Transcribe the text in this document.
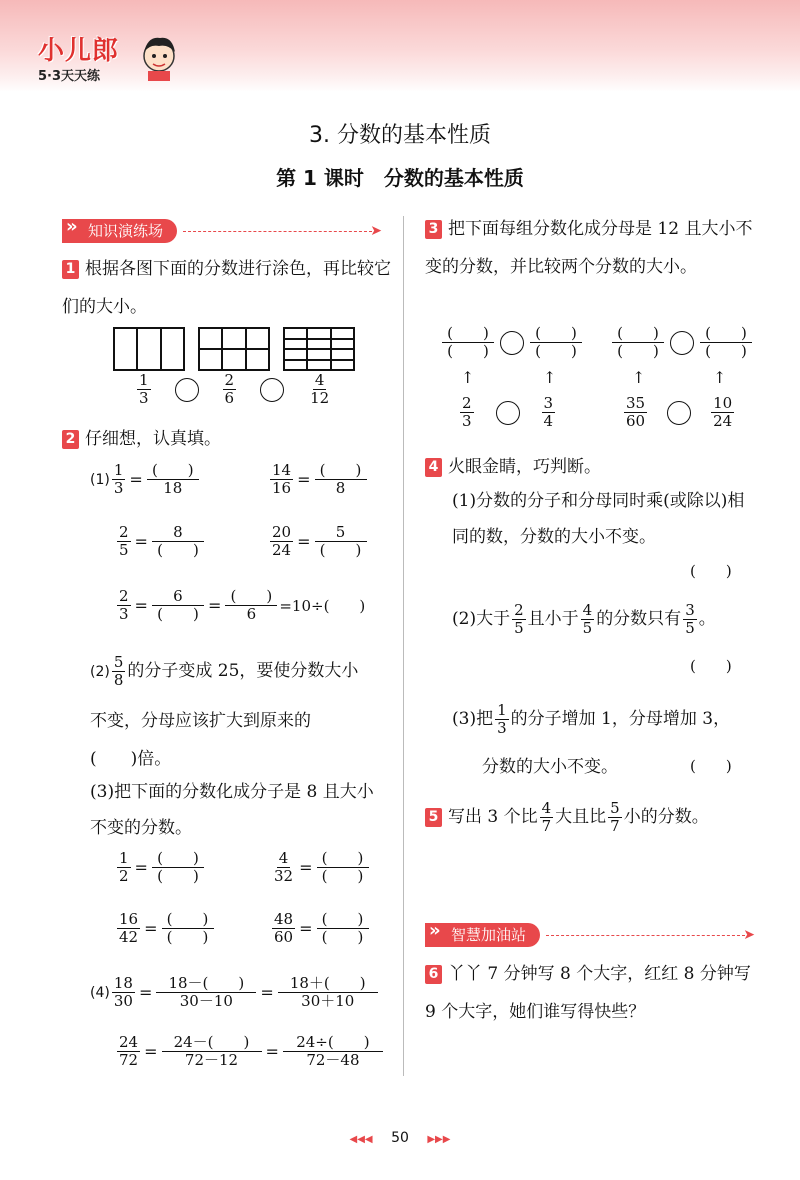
小儿郎
5·3天天练
3. 分数的基本性质
第 1 课时　分数的基本性质
» 知识演练场	➤
1 根据各图下面的分数进行涂色，再比较它们的大小。
$\frac{1}{3}$	$\frac{2}{6}$	$\frac{4}{12}$
2 仔细想，认真填。
$(1) \frac{1}{3} = \frac{( )}{18}$	$\frac{14}{16} = \frac{( )}{8}$
$\frac{2}{5} = \frac{8}{( )}$	$\frac{20}{24} = \frac{5}{( )}$
$\frac{2}{3} = \frac{6}{( )} = \frac{( )}{6} =10\div$(　　)
$(2) \frac{5}{8}$ 的分子变成 25，要使分数大小
不变，分母应该扩大到原来的
(　　)倍。
(3)把下面的分数化成分子是 8 且大小不变的分数。
$\frac{1}{2} = \frac{( )}{( )}$	$\frac{4}{32} = \frac{( )}{( )}$
$\frac{16}{42} = \frac{( )}{( )}$	$\frac{48}{60} = \frac{( )}{( )}$
$(4) \frac{18}{30} = \frac{18-( )}{30-10} = \frac{18+( )}{30+10}$
$\frac{24}{72} = \frac{24-( )}{72-12} = \frac{24\div( )}{72-48}$
3 把下面每组分数化成分母是 12 且大小不变的分数，并比较两个分数的大小。
$\frac{( )}{( )} \frac{( )}{( )} \frac{( )}{( )} \frac{( )}{( )}$
↑	↑	↑	↑
$\frac{2}{3}$	$\frac{3}{4}$	$\frac{35}{60}$	$\frac{10}{24}$
4 火眼金睛，巧判断。
(1)分数的分子和分母同时乘(或除以)相同的数，分数的大小不变。
(　　)
(2)大于 $\frac{2}{5}$ 且小于 $\frac{4}{5}$ 的分数只有 $\frac{3}{5}$ 。
(　　)
(3)把 $\frac{1}{3}$ 的分子增加 1，分母增加 3，
分数的大小不变。	(　　)
5 写出 3 个比 $\frac{4}{7}$ 大且比 $\frac{5}{7}$ 小的分数。
» 智慧加油站	➤
6 丫丫 7 分钟写 8 个大字，红红 8 分钟写 9 个大字，她们谁写得快些？
◀◀◀ 50 ▶▶▶
